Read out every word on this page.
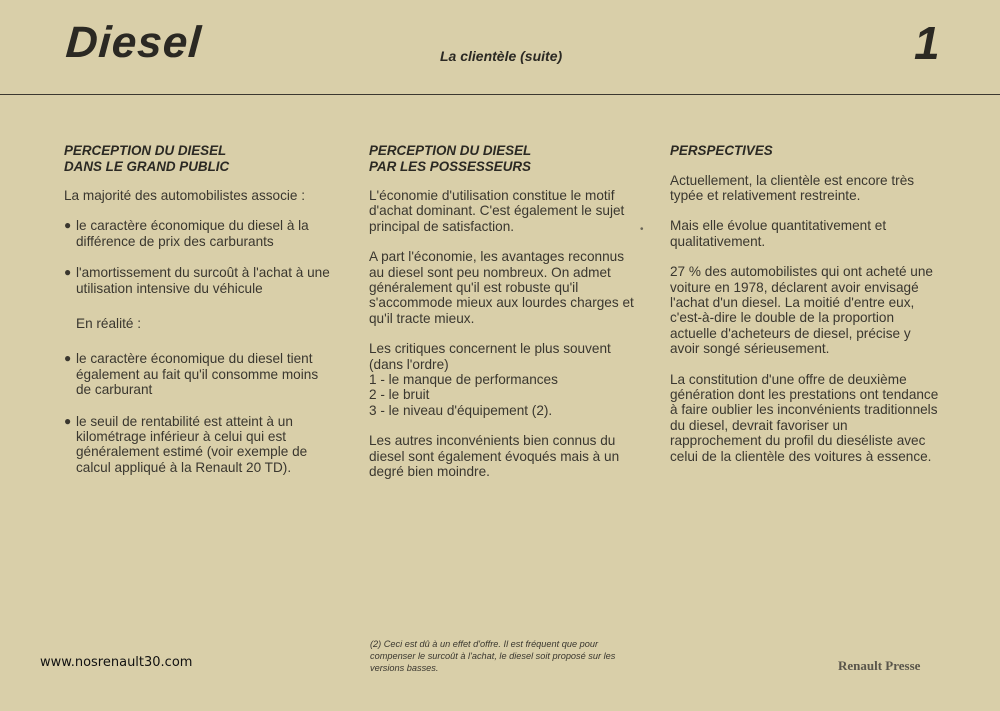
Diesel	La clientèle (suite)	1
PERCEPTION DU DIESEL
DANS LE GRAND PUBLIC

La majorité des automobilistes associe :

● le caractère économique du diesel à la différence de prix des carburants
● l'amortissement du surcoût à l'achat à une utilisation intensive du véhicule

En réalité :

● le caractère économique du diesel tient également au fait qu'il consomme moins de carburant
● le seuil de rentabilité est atteint à un kilométrage inférieur à celui qui est généralement estimé (voir exemple de calcul appliqué à la Renault 20 TD).
PERCEPTION DU DIESEL
PAR LES POSSESSEURS

L'économie d'utilisation constitue le motif d'achat dominant. C'est également le sujet principal de satisfaction.

A part l'économie, les avantages reconnus au diesel sont peu nombreux. On admet généralement qu'il est robuste qu'il s'accommode mieux aux lourdes charges et qu'il tracte mieux.

Les critiques concernent le plus souvent (dans l'ordre)
1 - le manque de performances
2 - le bruit
3 - le niveau d'équipement (2).

Les autres inconvénients bien connus du diesel sont également évoqués mais à un degré bien moindre.

PERSPECTIVES

Actuellement, la clientèle est encore très typée et relativement restreinte.

Mais elle évolue quantitativement et qualitativement.

27 % des automobilistes qui ont acheté une voiture en 1978, déclarent avoir envisagé l'achat d'un diesel. La moitié d'entre eux, c'est-à-dire le double de la proportion actuelle d'acheteurs de diesel, précise y avoir songé sérieusement.

La constitution d'une offre de deuxième génération dont les prestations ont tendance à faire oublier les inconvénients traditionnels du diesel, devrait favoriser un rapprochement du profil du dieséliste avec celui de la clientèle des voitures à essence.

•
(2) Ceci est dû à un effet d'offre. Il est fréquent que pour compenser le surcoût à l'achat, le diesel soit proposé sur les versions basses.
www.nosrenault30.com	Renault Presse
